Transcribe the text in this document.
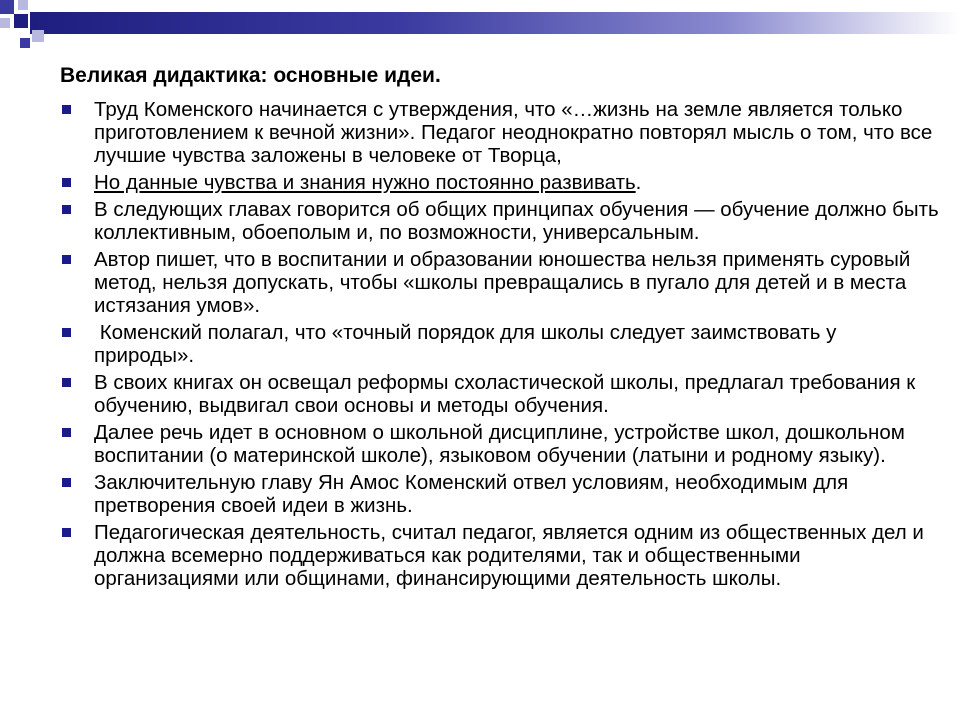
Великая дидактика: основные идеи.
Труд Коменского начинается с утверждения, что «…жизнь на земле является только приготовлением к вечной жизни». Педагог неоднократно повторял мысль о том, что все лучшие чувства заложены в человеке от Творца,
Но данные чувства и знания нужно постоянно развивать.
В следующих главах говорится об общих принципах обучения — обучение должно быть коллективным, обоеполым и, по возможности, универсальным.
Автор пишет, что в воспитании и образовании юношества нельзя применять суровый метод, нельзя допускать, чтобы «школы превращались в пугало для детей и в места истязания умов».
Коменский полагал, что «точный порядок для школы следует заимствовать у природы».
В своих книгах он освещал реформы схоластической школы, предлагал требования к обучению, выдвигал свои основы и методы обучения.
Далее речь идет в основном о школьной дисциплине, устройстве школ, дошкольном воспитании (о материнской школе), языковом обучении (латыни и родному языку).
Заключительную главу Ян Амос Коменский отвел условиям, необходимым для претворения своей идеи в жизнь.
Педагогическая деятельность, считал педагог, является одним из общественных дел и должна всемерно поддерживаться как родителями, так и общественными организациями или общинами, финансирующими деятельность школы.
